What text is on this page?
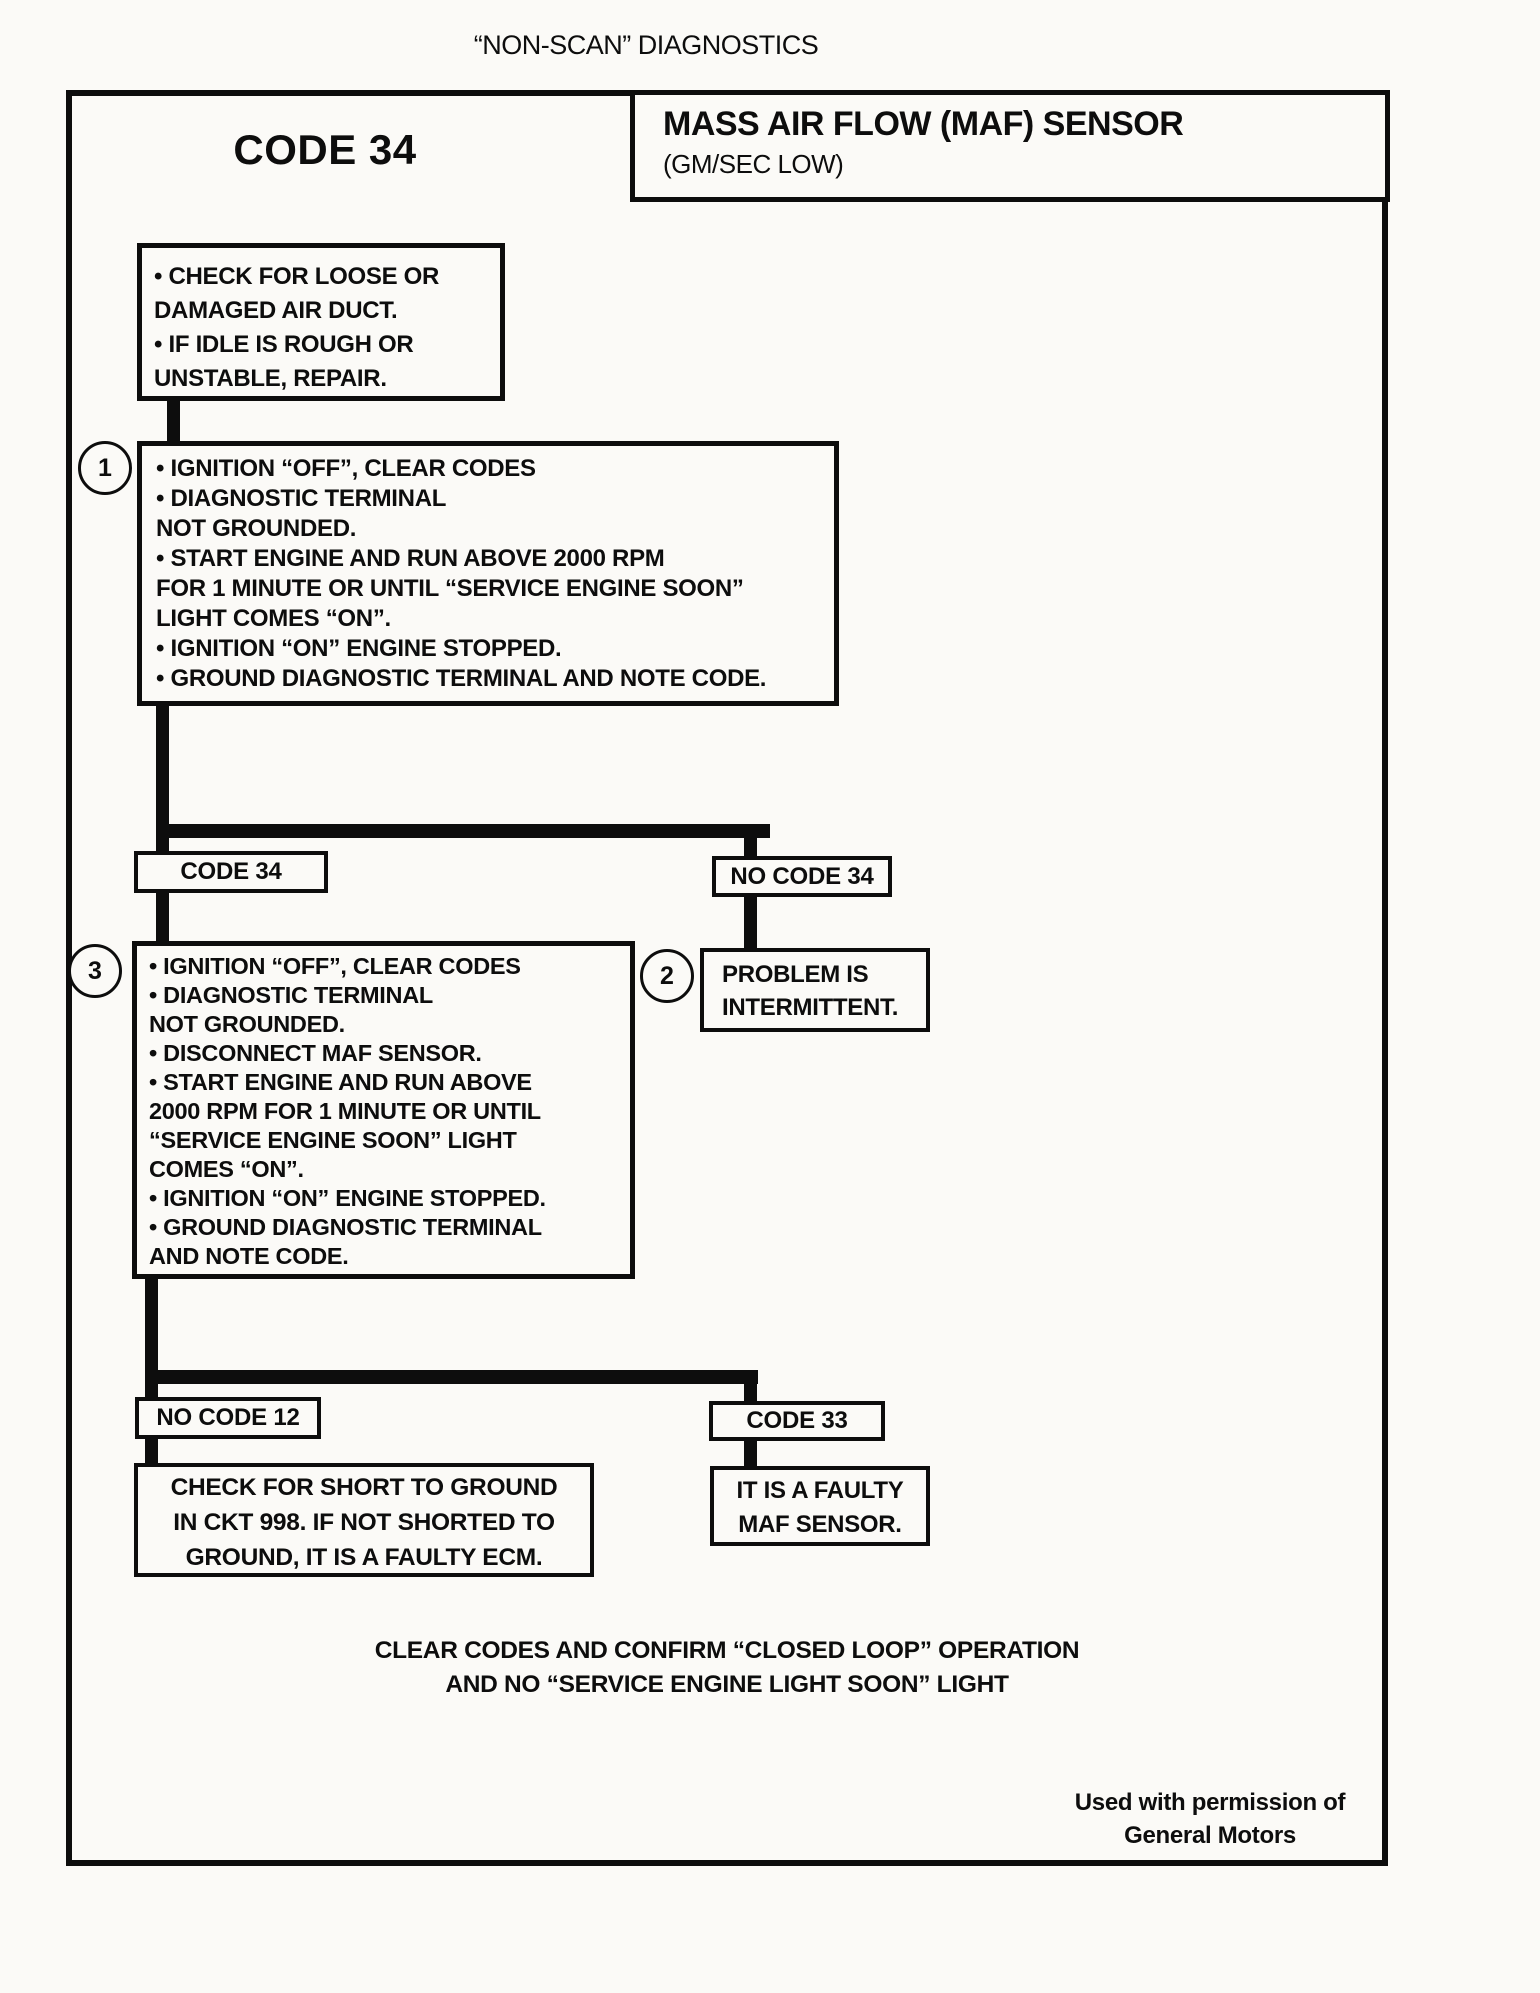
“NON-SCAN” DIAGNOSTICS
MASS AIR FLOW (MAF) SENSOR
(GM/SEC LOW)
CODE 34
• CHECK FOR LOOSE OR
DAMAGED AIR DUCT.
• IF IDLE IS ROUGH OR
UNSTABLE, REPAIR.
1 • IGNITION “OFF”, CLEAR CODES
• DIAGNOSTIC TERMINAL
NOT GROUNDED.
• START ENGINE AND RUN ABOVE 2000 RPM
FOR 1 MINUTE OR UNTIL “SERVICE ENGINE SOON”
LIGHT COMES “ON”.
• IGNITION “ON” ENGINE STOPPED.
• GROUND DIAGNOSTIC TERMINAL AND NOTE CODE.
CODE 34	NO CODE 34
3 • IGNITION “OFF”, CLEAR CODES
• DIAGNOSTIC TERMINAL
NOT GROUNDED.
• DISCONNECT MAF SENSOR.
• START ENGINE AND RUN ABOVE
2000 RPM FOR 1 MINUTE OR UNTIL
“SERVICE ENGINE SOON” LIGHT
COMES “ON”.
• IGNITION “ON” ENGINE STOPPED.
• GROUND DIAGNOSTIC TERMINAL
AND NOTE CODE.
2 PROBLEM IS
INTERMITTENT.
NO CODE 12	CODE 33
CHECK FOR SHORT TO GROUND
IN CKT 998. IF NOT SHORTED TO
GROUND, IT IS A FAULTY ECM.
IT IS A FAULTY
MAF SENSOR.
CLEAR CODES AND CONFIRM “CLOSED LOOP” OPERATION
AND NO “SERVICE ENGINE LIGHT SOON” LIGHT
Used with permission of
General Motors
